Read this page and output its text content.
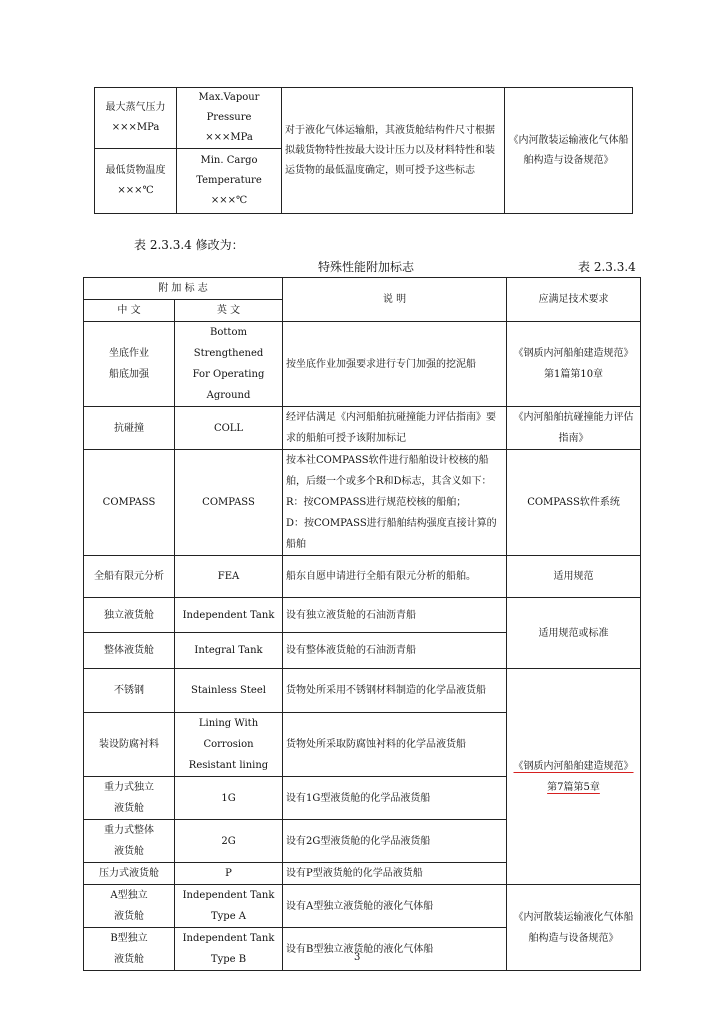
最大蒸气压力
×××MPa	Max.Vapour
Pressure
×××MPa	对于液化气体运输船，其液货舱结构件尺寸根据拟载货物特性按最大设计压力以及材料特性和装运货物的最低温度确定，则可授予这些标志	《内河散装运输液化气体船舶构造与设备规范》
最低货物温度
×××℃	Min. Cargo
Temperature
×××℃		
表 2.3.3.4 修改为：
特殊性能附加标志	表 2.3.3.4
附 加 标 志		说 明	应满足技术要求
中 文	英 文		
坐底作业
船底加强	Bottom Strengthened
For Operating
Aground	按坐底作业加强要求进行专门加强的挖泥船	《钢质内河船舶建造规范》第1篇第10章
抗碰撞	COLL	经评估满足《内河船舶抗碰撞能力评估指南》要求的船舶可授予该附加标记	《内河船舶抗碰撞能力评估指南》
COMPASS	COMPASS	按本社COMPASS软件进行船舶设计校核的船舶，后缀一个或多个R和D标志，其含义如下：
R：按COMPASS进行规范校核的船舶；
D：按COMPASS进行船舶结构强度直接计算的船舶	COMPASS软件系统
全船有限元分析	FEA	船东自愿申请进行全船有限元分析的船舶。	适用规范
独立液货舱	Independent Tank	设有独立液货舱的石油沥青船	适用规范或标准
整体液货舱	Integral Tank	设有整体液货舱的石油沥青船	
不锈钢	Stainless Steel	货物处所采用不锈钢材料制造的化学品液货船	《钢质内河船舶建造规范》第7篇第5章
装设防腐衬料	Lining With Corrosion
Resistant lining	货物处所采取防腐蚀衬料的化学品液货船	
重力式独立
液货舱	1G	设有1G型液货舱的化学品液货船	
重力式整体
液货舱	2G	设有2G型液货舱的化学品液货船	
压力式液货舱	P	设有P型液货舱的化学品液货船	
A型独立
液货舱	Independent Tank
Type A	设有A型独立液货舱的液化气体船	《内河散装运输液化气体船舶构造与设备规范》
B型独立
液货舱	Independent Tank
Type B	设有B型独立液货舱的液化气体船	
3
